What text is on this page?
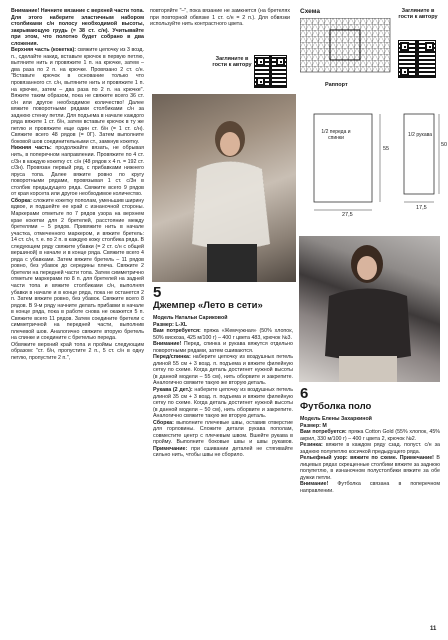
Внимание! Начните вязание с верхней части топа. Для этого наберите эластичным набором столбиками с/н полосу необходимой высоты, закрывающую грудь (= 38 ст. с/н). Учитывайте при этом, что полотно будет собрано в два сложения.

Верхняя часть (кокетка): свяжите цепочку из 3 возд. п., сделайте накид, вставьте крючок в первую петлю, вытяните нить и провяжите 1 п. на крючке, затем – два раза по 2 п. на крючке. Провязано 2 ст. с/н. "Вставьте крючок в основание только что провязанного ст. с/н, вытяните нить и провяжите 1 п. на крючке, затем – два раза по 2 п. на крючке". Вяжите таким образом, пока не свяжете всего 36 ст. с/н или другое необходимое количество! Далее вяжите поворотными рядами столбиками с/н за заднюю стенку петли. Для подъема в начале каждого ряда вяжите 1 ст. б/н, затем вставьте крючок в ту же петлю и провяжите еще один ст. б/н (= 1 ст. с/н). Свяжите всего 48 рядов (= 0Г). Затем выполните боковой шов соединительными ст., замкнув кокетку.

Нижняя часть: продолжайте вязать, не обрывая нить, в поперечном направлении. Провяжите по 4 ст. с/3н в каждую кокетку ст. с/н (48 рядов х 4 п. = 192 ст. с/3н). Провязан первый ряд, с прибавками нижнего яруса топа. Далее вяжите ровно по кругу поворотными рядами, провязывая 1 ст. с/3н в столбик предыдущего ряда. Свяжите всего 9 рядов от края корсета или другое необходимое количество.

Сборка: сложите кокетку пополам, уменьшив ширину вдвое, и подшейте ее край с изнаночной стороны. Маркерами отметьте по 7 рядов узора на верхнем крае кокетки для 2 бретелей, расстояние между бретелями – 5 рядов. Привяжите нить в начале участка, отмеченного маркером, и вяжите бретель: 14 ст. с/н, т. е. по 2 п. в каждую кожу столбика ряда. В следующем ряду свяжите убавки (= 2 ст. с/н с общей вершиной) в начале и в конце ряда. Свяжите всего 4 ряда с убавками. Затем вяжите бретель – 11 рядов ровно, без убавок до середины плеча. Свяжите 2 бретели на передней части топа. Затем симметрично отметьте маркерами по 8 п. для бретелей на задней части топа и вяжите столбиками с/н, выполняя убавки в начале и в конце ряда, пока не останется 2 п. Затем вяжите ровно, без убавок. Свяжите всего 8 рядов. В 9-м ряду начните делать прибавки в начале в конце ряда, пока в работе снова не окажется 5 п. Свяжите всего 11 рядов. Затем соедините бретели с симметричной на передней части, выполнив плечевой шов. Аналогично свяжите вторую бретель на спинке и соедините с бретелью переда.

Обвяжите верхний край топа и проймы следующим образом: "ст. б/н, пропустите 2 п., 5 ст. с/н в одну петлю, пропустите 2 п.",

повторяйте "–", пока вязание не замкнется (на бретелях при повторной обвязке 1 ст. с/н = 2 п.). Для обвязки используйте нить контрастного цвета.

Загляните в гости к автору
5
Джемпер «Лето в сети»

Модель Натальи Сариковой

Размер: L-XL

Вам потребуется: пряжа «Жемчужная» (50% хлопок, 50% вискоза, 425 м/100 г) – 400 г цвета 483, крючок №3.

Внимание! Перед, спинка и рукава вяжутся отдельно поворотными рядами, затем сшиваются.

Перед/спинка: наберите цепочку из воздушных петель длиной 55 см + 3 возд. п. подъема и вяжите филейную сетку по схеме. Когда деталь достигнет нужной высоты (в данной модели – 55 см), нить оборвите и закрепите. Аналогично свяжите такую же вторую деталь.

Рукава (2 дет.): наберите цепочку из воздушных петель длиной 35 см + 3 возд. п. подъема и вяжите филейную сетку по схеме. Когда деталь достигнет нужной высоты (в данной модели – 50 см), нить оборвите и закрепите. Аналогично свяжите такую же вторую деталь.

Сборка: выполните плечевые швы, оставив отверстие для горловины. Сложите детали рукава пополам, совместите центр с плечевым швом. Вшейте рукава в пройму. Выполните боковые швы и швы рукавов. Примечание: при сшивании деталей не стягивайте сильно нить, чтобы швы не сборило.

Схема	Загляните в гости к автору
Раппорт
1/2 переда и спинки	1/2 рукава
55
27,5
50
17,5
6
Футболка поло

Модель Елены Захаркиной

Размер: М

Вам потребуется: пряжа Cotton Gold (55% хлопок, 45% акрил, 330 м/100 г) – 400 г цвета 2, крючок №2.

Резинка: вяжите в каждом ряду сзад. полуст. с/н за заднюю полупетлю косичкой предыдущего ряда.

Рельефный узор: вяжите по схеме. Примечание! В лицевых рядах скрещенные столбики вяжите за заднюю полупетлю, в изнаночном полустолбики вяжите за обе дужки петли.

Внимание! Футболка связана в поперечном направлении.

11
